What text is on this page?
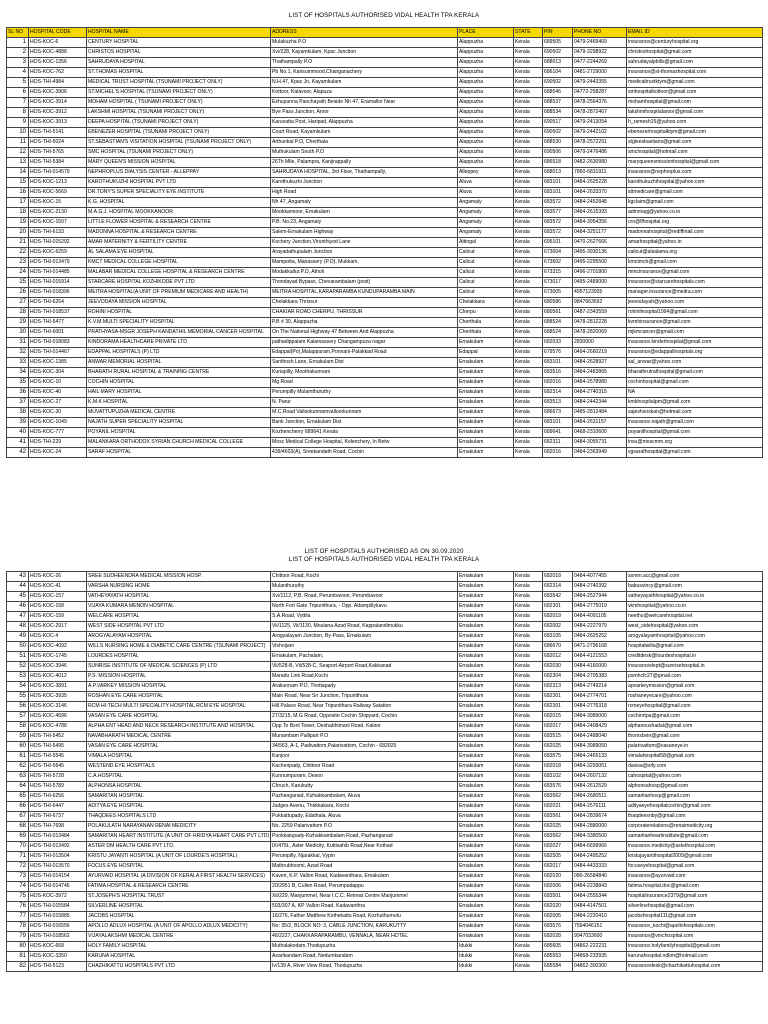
LIST OF HOSPITALS AUTHORISED VIDAL HEALTH TPA KERALA
SL NO	HOSPITAL CODE	HOSPITAL NAME	ADDRESS	PLACE	STATE	PIN	PHONE NO	EMAIL ID
1	HOS-KOC-6	CENTURY HOSPITAL	Mulakuzha P.O	Alappuzha	Kerala	689505	0479-2469469	insurance@centuryhospital.org
2	HOS-KOC-4888	CHRISTOS HOSPITAL	Xvi/228, Kayamkulam, Kpac Junction	Alappuzha	Kerala	690502	0479-3298922	christoshospital@gmail.com
3	HOS-KOC-1356	SAHRUDAYA HOSPITAL	Thathampally P.O	Alappuzha	Kerala	688013	0477-2244269	sahrudayaipbills@gmail.com
4	HOS-KOC-762	ST.THOMAS HOSPITAL	Pb No.1, Karisummood,Changanachery	Alappuzha	Kerala	686104	0481-2729000	insurance@st-thomashospital.com
5	HOS-THI-4984	MEDICAL TRUST HOSPITAL (TSUNAMI PROJECT ONLY)	N.H.47, Kpac Jn, Kayamkulam	Alappuzha	Kerala	690502	0479-2443355	medicaltrustktym@gmail.com
6	HOS-KOC-3906	ST.MICHEL'S HOSPITAL (TSUNAMI PROJECT ONLY)	Kottoor, Kalavoor, Alapuza	Alappuzha	Kerala	688546	04772-258287	smhospitalkottoor@gmail.com
7	HOS-KOC-3914	MOHAM HOSPITAL ( TSUNAMI PROJECT ONLY)	Ezhupunna Panchayath Beside Nh 47, Eramallor Near	Alappuzha	Kerala	688537	0478-2564376	mohamhospital@gmail.com
8	HOS-KOC-3912	LAKSHMI HOSPITAL (TSUNAMI PROJECT ONLY)	Bye Pass Junction, Aroor	Alappuzha	Kerala	688534	0478-2872467	lakshmihospitalaroor@gmail.com
9	HOS-KOC-3913	DEEPA HOSPITAL (TSUNAMI PROJECT ONLY)	Karuvatta Post, Haripad, Alappuzha	Alappuzha	Kerala	690517	0479-2413054	h_ramesh15@yahoo.com
10	HOS-THI-5141	EBENEZER HOSPITAL (TSUNAMI PROJECT ONLY)	Court Road, Kayamkulam	Alappuzha	Kerala	690502	0479-2442102	ebenezerhospitalktym@gmail.com
11	HOS-THI-5024	ST.SEBASTIAN'S VISITATION HOSPITAL (TSUNAMI PROJECT ONLY)	Arthunkal P.O, Cherthala	Alappuzha	Kerala	688530	0478-2572291	stgleesbastians@gmail.com
12	HOS-THI-5765	SMC HOSPITAL (TSUNAMI PROJECT ONLY)	Muthukulam South P.O	Alappuzha	Kerala	690506	0479-2476486	smchospital@hotmail.com
13	HOS-THI-5384	MARY QUEEN'S MISSION HOSPITAL	26Th Mile, Palampra, Kanjirappally	Alappuzha	Kerala	686518	0482-2630980	maryqueensmissionhospital@gmail.com
14	HOS-THI-014579	NEPHROPLUS DIALYSIS CENTER - ALLEPPAY	SAHRUDAYA HOSPITAL, 3rd Floor, Thathampally,	Alleppey	Kerala	688013	7860-6831911	insurance@nephroplus.com
15	HOS-KOC-1213	KAROTHUKUZHI HOSPITAL PVT LTD	Karothukuzhi Junction	Aluva	Kerala	683101	0484-2625228	karothukuzhihospital@yahoo.com
16	HOS-KOC-5669	DR.TONY'S SUPER SPECIALITY EYE INSTITUTE	High Road	Aluva	Kerala	683101	0484-2633370	sttmedicare@gmail.com
17	HOS-KOC-15	K.G. HOSPITAL	Nh 47, Angamaly	Angamaly	Kerala	683572	0484-2452848	kgclaim@gmail.com
18	HOS-KOC-2130	M.A.G.J. HOSPITAL MOOKKANOOR	Mookkannoor, Ernakulam	Angamaly	Kerala	683577	0484-2615393	admmagj@yahoo.co.in
19	HOS-KOC-1507	LITTLE FLOWER HOSPITAL & RESEARCH CENTRE	P.B. No.23, Angamaly	Angamaly	Kerala	683572	0484-3954356	cro@lfhospital.org
20	HOS-THI-6133	MADONNA HOSPITAL & RESEARCH CENTRE	Salem-Ernakulam Highway	Angamaly	Kerala	683572	0484-3251177	madonnahospital@rediffmail.com
21	HOS-THI-015292	AMAR MATERNITY & FERTILITY CENTRE	Kochery Junction,Virunthiyod Lane	Attingal	Kerala	695101	0470-2627666	amarhospital@yahoo.in
22	HOS-KOC-6259	AL SALAMA EYE HOSPITAL	Arayadathupalam Junction	Calicut	Kerala	673004	0495-3930136	calicut@alsalama.org
23	HOS-THI-013479	KMCT MEDICAL COLLEGE HOSPITAL	Mampotta, Manassery (P.O), Mukkam,	Calicut	Kerala	673602	0495-2295500	kmctmch@gmail.com
24	HOS-THI-014485	MALABAR MEDICAL COLLEGE HOSPITAL & RESEARCH CENTRE	Modakkallur.P.O, Atholi	Calicut	Kerala	673315	0496-2701800	mmcinsurance@gmail.com
25	HOS-THI-015914	STARCARE HOSPITAL KOZHIKODE PVT LTD	Thondayad Bypass, Chevarambalam (post)	Calicut	Kerala	673017	0495-2489000	insurance@starcarehospitals.com
26	HOS-THI-018396	MEITRA HOSPITAL(A UNIT OF PREMIUM MEDICARE AND HEALTH)	MEITRA HOSPITAL,KARAPARAMBA KUNDUPARAMBA MAIN	Calicut	Kerala	673005	4957123935	manager.insurance@meitra.com
27	HOS-THI-6264	JEEVODAYA MISSION HOSPITAL	Chelakkara Thrissur	Chelakkara	Kerala	680586	9847663692	jeevodayah@yahoo.com
28	HOS-THI-018537	ROHINI HOSPITAL	CHAKIAR ROAD CHERPU, THRISSUR	Cherpu	Kerala	680561	0487-2343559	rohinihospital1994@gmail.com
29	HOS-THI-5477	K.V.M.MULTI SPECIALITY HOSPITAL	P.B # 30, Alappuzha	Cherthala	Kerala	688524	0478-2812228	kvmhinsurance@gmail.com
30	HOS-THI-6001	PRATHYASA-MSGR JOSEPH KANDATHIL MEMORIAL CANCER HOSPITAL	On The National Highway 47 Between And Alappuzha	Cherthala	Kerala	688524	0478-2820069	mjkmcancer@gmail.com
31	HOS-THI-018083	KINDORAMA HEALTHCARE PRIVATE LTD	pathadippalam Kalamassery Changampuza nagar	Ernakulam	Kerala	682033	2830000	insurance.kinderhospital@gmail.com
32	HOS-THI-014467	EDAPPAL HOSPITALS (P) LTD	Edappal(Po),Malappuram,Ponnani-Palakkad Road	Edappal	Kerala	679576	0494-2660219	insurance@edappalhospitals.org
33	HOS-KOC-1385	ANWAR MEMORIAL HOSPITAL	Santhosh Lane, Ernakulam Dist	Ernakulam	Kerala	683101	0484-2628927	sal_anwar@yahoo.com
34	HOS-KOC-304	BHARATH RURAL HOSPITAL & TRAINING CENTRE	Kuriapilly, Moothakunnam	Ernakulam	Kerala	683516	0484-2483865	bharathrutralhospital@gmail.com
35	HOS-KOC-10	COCHIN HOSPITAL	Mg Road	Ernakulam	Kerala	682016	0484-2578980	cochinhospital@gmail.com
36	HOS-KOC-40	HAIL MARY HOSPITAL	Perumpilly Mulamthuruthy	Ernakulam	Kerala	682314	0484-2740315	NA
37	HOS-KOC-27	K.M.K HOSPITAL	N. Parur	Ernakulam	Kerala	683513	0484-2442344	kmkhospitalpm@gmail.com
38	HOS-KOC-30	MUVATTUPUZHA MEDICAL CENTRE	M.C.Road Vallookunnamvalloorkunnam	Ernakulam	Kerala	686673	0485-2812484	sajeshsoskan@hotmail.com
39	HOS-KOC-1049	NAJATH SUPER SPECIALITY HOSPITAL	Bank Junction, Ernakulam Dist	Ernakulam	Kerala	683101	0484-2631157	insurance.najath@gmail.com
40	HOS-KOC-777	POYANIL HOSPITAL	Kozhencherry 689641 Kerala	Ernakulam	Kerala	689641	0468-2310600	poyanilhospital@gmail.com
41	HOS-THI-229	MALANKARA ORTHODOX SYRIAN CHURCH MEDICAL COLLEGE	Mosc Medical College Hospital, Kolenchery, In Betw	Ernakulam	Kerala	682311	0484-3055731	insu@moscmm.org
42	HOS-KOC-24	SARAF HOSPITAL	439/4603(A), Sreekandath Road, Cochin	Ernakulam	Kerala	682016	0484-2363949	vgsarafhospital@gmail.com
LIST OF HOSPITALS AUTHORISED AS ON 30.09.2020
LIST OF HOSPITALS AUTHORISED VIDAL HEALTH TPA KERALA
43	HOS-KOC-26	SREE SUDHEENDRA MEDICAL MISSION HOSP.	Chittoor Road, Kochi	Ernakulam	Kerala	682018	0484-4077455	ssmm.acc@gmail.com
44	HOS-KOC-41	VARSHA NURSING HOME	Mulanthuruthy	Ernakulam	Kerala	682314	0484-2740392	babusvincy@gmail.com
45	HOS-KOC-157	VATHEYAYATH HOSPITAL	Xvi/1112, P.B. Road, Perumbavoor, Perumbavoor	Ernakulam	Kerala	683542	0484-2527944	vatheyayathhospital@yahoo.co.in
46	HOS-KOC-158	VIJAYA KUMARA MENON HOSPITAL	North Fort Gate Tripunithura, - Opp. Adampillykavu	Ernakulam	Kerala	682301	0484-2775019	vkmhospital@yahoo.co.in
47	HOS-KOC-159	WELCARE HOSPITAL	S.A.Road, Vyttila	Ernakulam	Kerala	682019	0484-4091105	neethu@welcarehospital.net
48	HOS-KOC-2917	WEST SIDE HOSPITAL PVT LTD	Vii/1125, Vii/1130, Moulana Azad Road, Kappalandimukku	Ernakulam	Kerala	682002	0484-2227979	west_sidehospital@yahoo.com
49	HOS-KOC-4	AROGYALAYAM HOSPITAL	Arogyalayam Junction, By-Pass, Ernakulam	Ernakulam	Kerala	683105	0484-2625252	arogyalayamhospital@yahoo.com
50	HOS-KOC-4092	WILLS NURSING HOME & DIABETIC CARE CENTRE (TSUNAMI PROJECT)	Vishnijam	Ernakulam	Kerala	686670	0471-2796168	hospitalwills@gmail.com
51	HOS-KOC-1745	LOURDES HOSPITAL	Ernakulam, Pachalam,	Ernakulam	Kerala	682012	0484-4121553	creditdesk@lourdeshospital.in
52	HOS-KOC-3946	SUNRISE INSTITUTE OF MEDICAL SCIENCES (P) LTD	Vii/528-B, Vii/528-C, Seaport-Airport Road,Kakkanad	Ernakulam	Kerala	682030	0484-4160000	insurancedept@sunrisehospital.in
53	HOS-KOC-4012	P.S. MISSION HOSPITAL	Maradu Link Road,Kochi	Ernakulam	Kerala	682304	0484-2705383	psmhcfc27@gmail.com
54	HOS-KOC-3891	A.P.VARKEY MISSION HOSPITAL	Arakunnam P.O, Thottapady	Ernakulam	Kerala	682313	0484-2749214	apvarkeymission@gmail.com
55	HOS-KOC-3935	ROSHAN EYE CARE HOSPITAL	Main Road, Near Sn Junction, Tripunithura	Ernakulam	Kerala	682301	0484-2774701	roshaneyecare@yahoo.com
56	HOS-KOC-3146	RCM HI-TECH MULTI SPECIALITY HOSPITAL RCM EYE HOSPITAL	Hill Palace Road, Near Tripunithura Railway Satation	Ernakulam	Kerala	682301	0484-2776318	rcmeyehospital@gmail.com
57	HOS-KOC-4596	VASAN EYE CARE HOSPITAL	27/3215, M.G Road, Opposite Cochin Shipyard, Cochin	Ernakulam	Kerala	682015	0484-3989000	cochinrtpa@gmail.com
58	HOS-KOC-4788	ALPHA ENT HEAD AND NECK RESEARCH INSTITUTE AND HOSPITAL	Opp To Bsnl Tower, Deshabhimani Road, Kaloor	Ernakulam	Kerala	682017	0484-2408429	alphanoushadal@gmail.com
59	HOS-THI-5452	NAVABHARATH MEDICAL CENTRE	Munambam Pallipart P.O	Ernakulam	Kerala	683515	0484-2488040	thomsbvin@gmail.com
60	HOS-THI-5495	VASAN EYE CARE HOSPITAL	34/563, A-1, Padivattom,Palarivattom, Cochin - 682025	Ernakulam	Kerala	682025	0484-3989050	palarivattom@vasaneye.in
61	HOS-THI-5545	VIMALA HOSPITAL	Kanjoor	Ernakulam	Kerala	683575	0484-2465133	vimalahospital58@gmail.com
62	HOS-THI-5645	WESTEND EYE HOSPITALS	Kacheripady, Chittoor Road	Ernakulam	Kerala	682018	0484-3293051	davisa@sify.com
63	HOS-THI-5728	C.A.HOSPITAL	Kunnumpuram, Deson	Ernakulam	Kerala	683102	0484-2607132	cahospital@yahoo.com
64	HOS-THI-5789	ALPHONSA HOSPITAL	Chruch, Karukutty	Ernakulam	Kerala	683576	0484-2612529	alphonsahosp@gmail.com
65	HOS-THI-6256	SAMARITAN HOSPITAL	Pazhanganad, Kizhakkambalam, Aluva	Ernakulam	Kerala	683562	0484-2680511	samaritanhosp@gmail.com
66	HOS-THI-6447	ADITYA EYE HOSPITAL	Judges Avenu, Thrikkakara, Kochi	Ernakulam	Kerala	682021	0484-2576111	adityaeyehospitalcochin@gmail.com
67	HOS-THI-6737	THAQDEES HOSPITALS LTD	Pukkattupady, Edathala, Aluva	Ernakulam	Kerala	683561	0484-2839674	thaqdeesnby@gmail.com
68	HOS-THI-7698	POLAKULATH NARAYANAN RENAI MEDICITY	No. 2259 Palarivattom P.O	Ernakulam	Kerala	682025	0484-2880000	corporaterelations@renaimedicity.org
69	HOS-THI-013484	SAMARITAN HEART INSTITUTE (A UNIT OF HRIDYA HEART CARE PVT LTD)	Pookkatupady-Kizhakkambalam Road, Pazhanganad	Ernakulam	Kerala	683562	0484-3380500	samaritanheartinstitute@gmail.com
70	HOS-THI-013492	ASTER DM HEALTH CARE PVT LTD.	IX/475L, Aster Medicity, Kuttisahib Road,Near Kothad	Ernakulam	Kerala	682027	0484-6699966	insurance.medicity@astethospital.com
71	HOS-THI-013504	KRISTU JAYANTI HOSPITAL (A UNIT OF LOURDE'S HOSPITAL)	Perumpilly, Njarakkal, Vypin	Ernakulam	Kerala	682505	0484-2495252	kristujayantihospital2009@gmail.com
72	HOS-THI-013570	FOCUS EYE HOSPITAL	Mathrubhoomi, Azad Road	Ernakulam	Kerala	682017	0484-4433333	focuseyehospital@gmail.com
73	HOS-THI-014154	AYURVAID HOSPITAL (A DIVISION OF KERALA FIRST HEALTH SERVICES)	Kaveri, K.P. Vallon Road, Kadavanthara, Ernakulam	Ernakulam	Kerala	682020	080-26584840	insurance@ayurvaid.com
74	HOS-THI-014746	FATIMA HOSPITAL & RESEARCH CENTRE	20/2951 B, Cullen Road, Perumpadappu	Ernakulam	Kerala	682006	0484-2238843	fatima.hospital.doc@gmail.com
75	HOS-KOC-3972	ST.JOSEPH'S HOSPITAL TRUST	Xii/229, Manjummel, Near I.C.C. Retreat Centre Manjummel	Ernakulam	Kerala	683501	0484-2555344	hospitalinsurance2379@gmail.com
76	HOS-THI-015584	SILVERLINE HOSPITAL	503/307 A, KP Vallon Road, Kadavanthra	Ernakulam	Kerala	682020	0484-4147501	silverlinehospital@gmail.com
77	HOS-THI-015885	JACOBS HOSPITAL	16/276, Father Matthew Kothekattu Road, Kozhuthumutu	Ernakulam	Kerala	682005	0484-2220410	jacobshospital111@gmail.com
78	HOS-THI-016556	APOLLO ADLUX HOSPITAL (A UNIT OF APOLLO ADLUX MEDICITY)	No: 35/2, BLOCK NO: 3, CABLE JUNCTION, KARUKUTTY	Ernakulam	Kerala	683576	7594046151	insurance_kochi@apollohospitals.com
79	HOS-THI-018562	VIJAYALAKSHMI MEDICAL CENTRE	46/2227, CHAKKARAPARAMBU, VENNALA, NEAR HOTEL	Ernakulam	Kerala	682028	9947033600	insurance@vmchospital.com
80	HOS-KOC-668	HOLY FAMILY HOSPITAL	Muthalakodam,Thodupuzha	Idukki	Kerala	685605	04862-222231	insurance.holyfamilyhospital@gmail.com
81	HOS-KOC-3350	KARUNA HOSPITAL	Asarikandam Road, Nedumkandam	Idukki	Kerala	685553	04868-233935	karunahospital.ndkm@hotmail.com
82	HOS-THI-5123	CHAZHIKATTU HOSPITALS PVT LTD	Iv/139 A, River View Road, Thodupuzha	Idukki	Kerala	685584	04862-300300	insurancedesk@chazhikattuhospital.com
